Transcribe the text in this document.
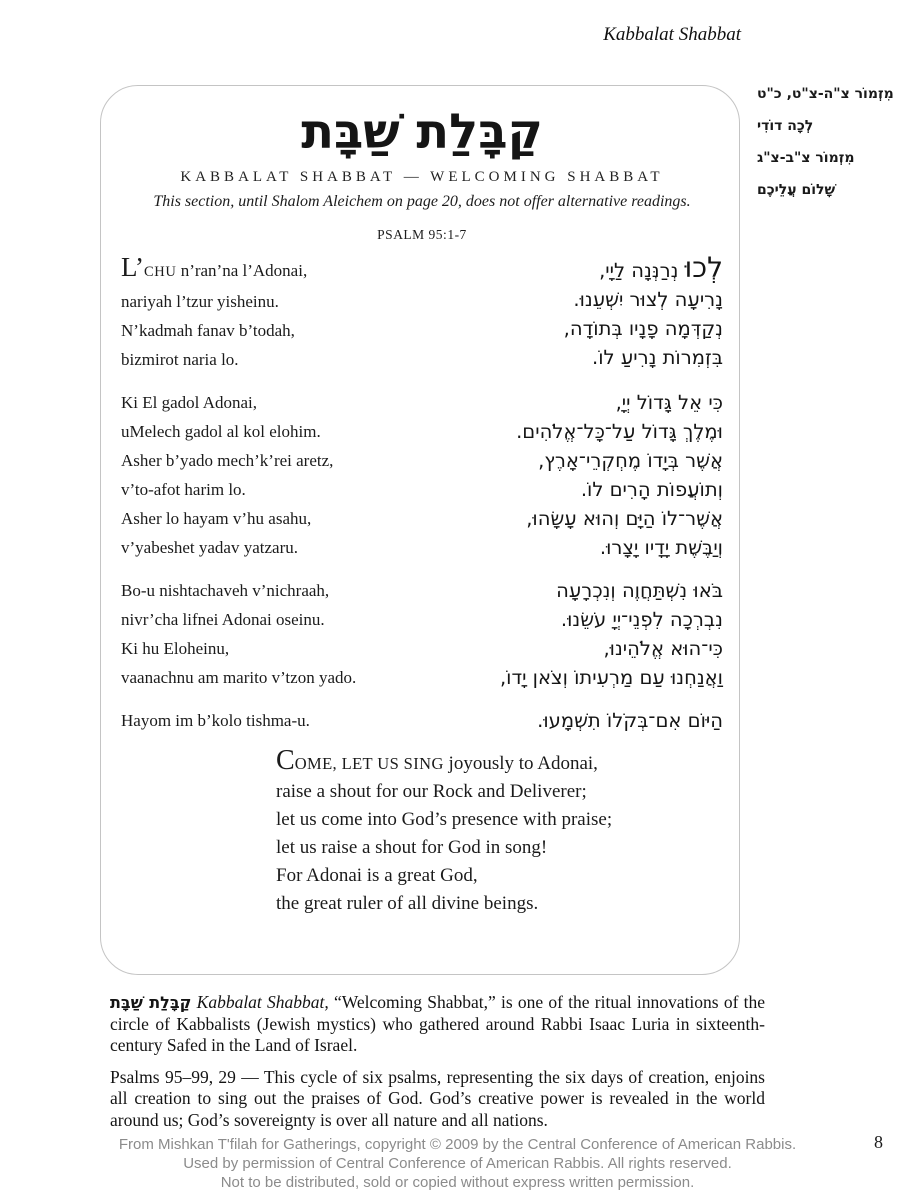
Kabbalat Shabbat
מִזְמוֹר צ"ה-צ"ט, כ"ט
לְכָה דוֹדִי
מִזְמוֹר צ"ב-צ"ג
שָׁלוֹם עֲלֵיכֶם
קַבָּלַת שַׁבָּת
KABBALAT SHABBAT — WELCOMING SHABBAT
This section, until Shalom Aleichem on page 20, does not offer alternative readings.
PSALM 95:1-7
L’CHU n’ran’na l’Adonai,
nariyah l’tzur yisheinu.
N’kadmah fanav b’todah,
bizmirot naria lo.
לְכוּ נְרַנְּנָה לַיָי,
נָרִיעָה לְצוּר יִשְׁעֵנוּ.
נְקַדְּמָה פָנָיו בְּתוֹדָה,
בִּזְמִרוֹת נָרִיעַ לוֹ.
Ki El gadol Adonai,
uMelech gadol al kol elohim.
Asher b’yado mech’k’rei aretz,
v’to-afot harim lo.
Asher lo hayam v’hu asahu,
v’yabeshet yadav yatzaru.
כִּי אֵל גָּדוֹל יְיָ,
וּמֶלֶךְ גָּדוֹל עַל־כָּל־אֱלֹהִים.
אֲשֶׁר בְּיָדוֹ מֶחְקְרֵי־אָרֶץ,
וְתוֹעֲפוֹת הָרִים לוֹ.
אֲשֶׁר־לוֹ הַיָּם וְהוּא עָשָׂהוּ,
וְיַבֶּשֶׁת יָדָיו יָצָרוּ.
Bo-u nishtachaveh v’nichraah,
nivr’cha lifnei Adonai oseinu.
Ki hu Eloheinu,
vaanachnu am marito v’tzon yado.
בֹּאוּ נִשְׁתַּחֲוֶה וְנִכְרָעָה
נִבְרְכָה לִפְנֵי־יְיָ עֹשֵׂנוּ.
כִּי־הוּא אֱלֹהֵינוּ,
וַאֲנַחְנוּ עַם מַרְעִיתוֹ וְצֹאן יָדוֹ,
Hayom im b’kolo tishma-u.	הַיּוֹם אִם־בְּקֹלוֹ תִשְׁמָעוּ.
COME, LET US SING joyously to Adonai,
raise a shout for our Rock and Deliverer;
let us come into God’s presence with praise;
let us raise a shout for God in song!
For Adonai is a great God,
the great ruler of all divine beings.

קַבָּלַת שַׁבָּת Kabbalat Shabbat, “Welcoming Shabbat,” is one of the ritual innovations of the circle of Kabbalists (Jewish mystics) who gathered around Rabbi Isaac Luria in sixteenth-century Safed in the Land of Israel.

Psalms 95–99, 29 — This cycle of six psalms, representing the six days of creation, enjoins all creation to sing out the praises of God. God’s creative power is revealed in the world around us; God’s sovereignty is over all nature and all nations.

8
From Mishkan T'filah for Gatherings, copyright © 2009 by the Central Conference of American Rabbis.
Used by permission of Central Conference of American Rabbis. All rights reserved.
Not to be distributed, sold or copied without express written permission.
